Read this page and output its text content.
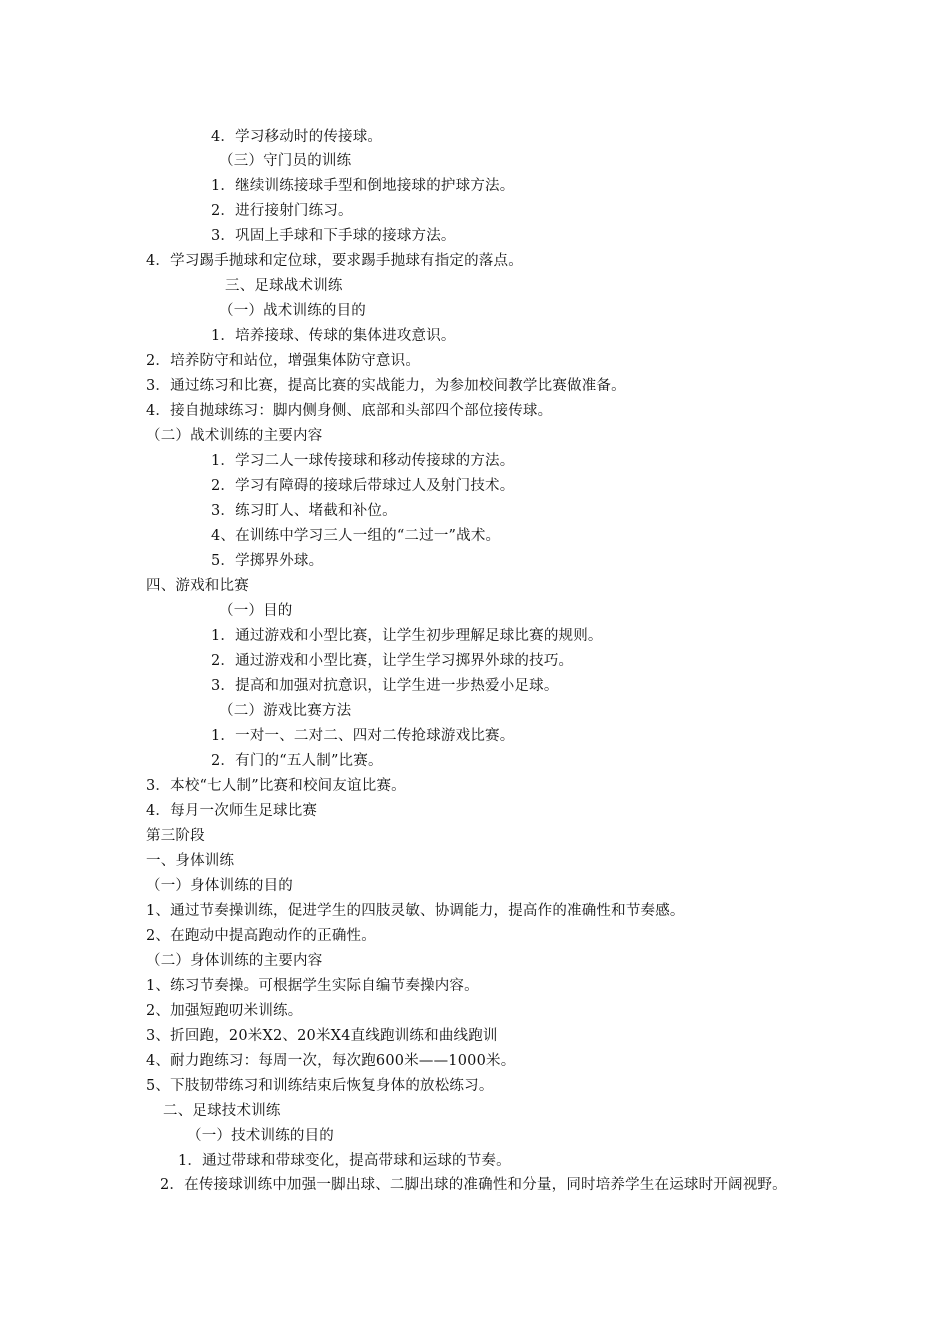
4．学习移动时的传接球。
（三）守门员的训练
1．继续训练接球手型和倒地接球的护球方法。
2．进行接射门练习。
3．巩固上手球和下手球的接球方法。
4．学习踢手抛球和定位球，要求踢手抛球有指定的落点。
三、足球战术训练
（一）战术训练的目的
1．培养接球、传球的集体进攻意识。
2．培养防守和站位，增强集体防守意识。
3．通过练习和比赛，提高比赛的实战能力，为参加校间教学比赛做准备。
4．接自抛球练习：脚内侧身侧、底部和头部四个部位接传球。
（二）战术训练的主要内容
1．学习二人一球传接球和移动传接球的方法。
2．学习有障碍的接球后带球过人及射门技术。
3．练习盯人、堵截和补位。
4、在训练中学习三人一组的“二过一”战术。
5．学掷界外球。
四、游戏和比赛
（一）目的
1．通过游戏和小型比赛，让学生初步理解足球比赛的规则。
2．通过游戏和小型比赛，让学生学习掷界外球的技巧。
3．提高和加强对抗意识，让学生进一步热爱小足球。
（二）游戏比赛方法
1．一对一、二对二、四对二传抢球游戏比赛。
2．有门的“五人制”比赛。
3．本校“七人制”比赛和校间友谊比赛。
4．每月一次师生足球比赛
第三阶段
一、身体训练
（一）身体训练的目的
1、通过节奏操训练，促进学生的四肢灵敏、协调能力，提高作的准确性和节奏感。
2、在跑动中提高跑动作的正确性。
（二）身体训练的主要内容
1、练习节奏操。可根据学生实际自编节奏操内容。
2、加强短跑叨米训练。
3、折回跑，20米X2、20米X4直线跑训练和曲线跑训
4、耐力跑练习：每周一次，每次跑600米——1000米。
5、下肢韧带练习和训练结束后恢复身体的放松练习。
二、足球技术训练
（一）技术训练的目的
1．通过带球和带球变化，提高带球和运球的节奏。
2．在传接球训练中加强一脚出球、二脚出球的准确性和分量，同时培养学生在运球时开阔视野。
